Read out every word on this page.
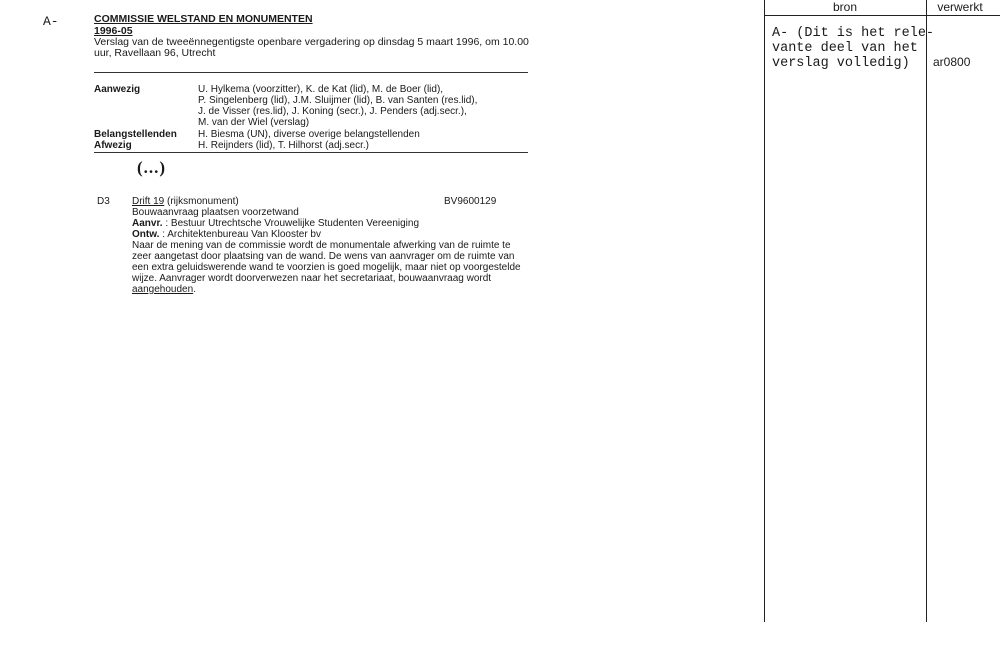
A-	COMMISSIE WELSTAND EN MONUMENTEN
1996-05
Verslag van de tweeënnegentigste openbare vergadering op dinsdag 5 maart 1996, om 10.00
uur, Ravellaan 96, Utrecht
Aanwezig	U. Hylkema (voorzitter), K. de Kat (lid), M. de Boer (lid),
P. Singelenberg (lid), J.M. Sluijmer (lid), B. van Santen (res.lid),
J. de Visser (res.lid), J. Koning (secr.), J. Penders (adj.secr.),
M. van der Wiel (verslag)
Belangstellenden H. Biesma (UN), diverse overige belangstellenden
Afwezig	H. Reijnders (lid), T. Hilhorst (adj.secr.)
(...)
D3 Drift 19 (rijksmonument)	BV9600129
Bouwaanvraag plaatsen voorzetwand
Aanvr. : Bestuur Utrechtsche Vrouwelijke Studenten Vereeniging
Ontw. : Architektenbureau Van Klooster bv
Naar de mening van de commissie wordt de monumentale afwerking van de ruimte te
zeer aangetast door plaatsing van de wand. De wens van aanvrager om de ruimte van
een extra geluidswerende wand te voorzien is goed mogelijk, maar niet op voorgestelde
wijze. Aanvrager wordt doorverwezen naar het secretariaat, bouwaanvraag wordt
aangehouden.
bron	verwerkt
A- (Dit is het rele-
vante deel van het
verslag volledig) ar0800
